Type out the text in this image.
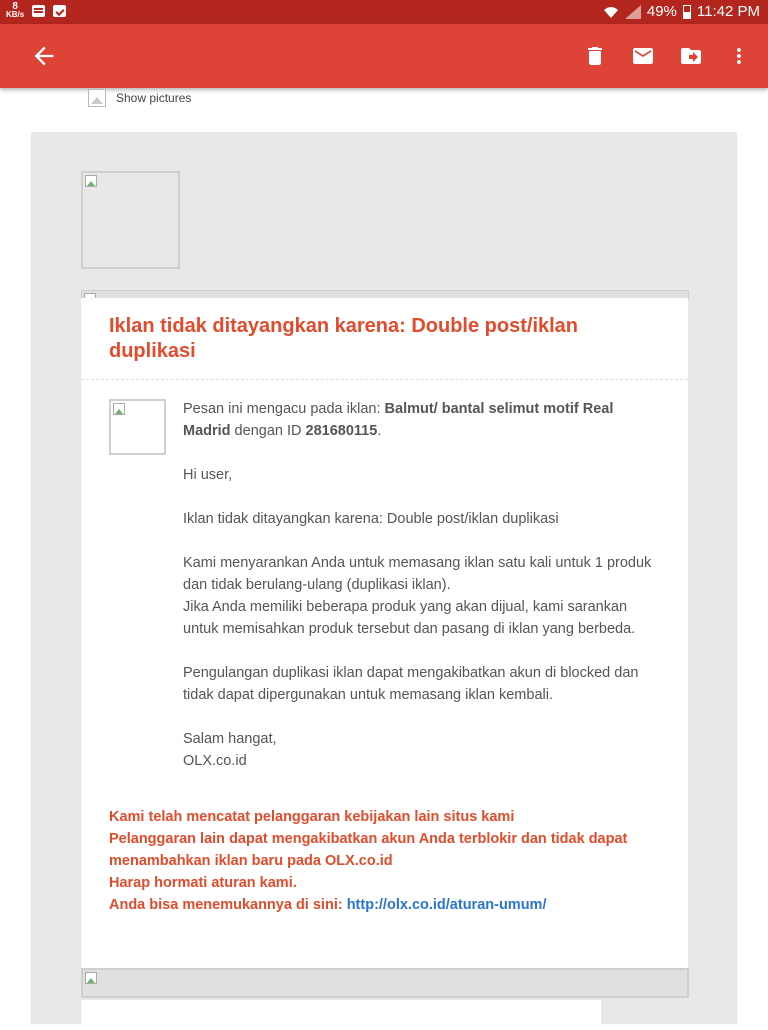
8
KB/s	49% 11:42 PM
Show pictures
Iklan tidak ditayangkan karena: Double post/iklan duplikasi

Pesan ini mengacu pada iklan: Balmut/ bantal selimut motif Real Madrid dengan ID 281680115.

Hi user,

Iklan tidak ditayangkan karena: Double post/iklan duplikasi

Kami menyarankan Anda untuk memasang iklan satu kali untuk 1 produk dan tidak berulang-ulang (duplikasi iklan).
Jika Anda memiliki beberapa produk yang akan dijual, kami sarankan untuk memisahkan produk tersebut dan pasang di iklan yang berbeda.

Pengulangan duplikasi iklan dapat mengakibatkan akun di blocked dan tidak dapat dipergunakan untuk memasang iklan kembali.

Salam hangat,
OLX.co.id

Kami telah mencatat pelanggaran kebijakan lain situs kami
Pelanggaran lain dapat mengakibatkan akun Anda terblokir dan tidak dapat menambahkan iklan baru pada OLX.co.id
Harap hormati aturan kami.
Anda bisa menemukannya di sini: http://olx.co.id/aturan-umum/
